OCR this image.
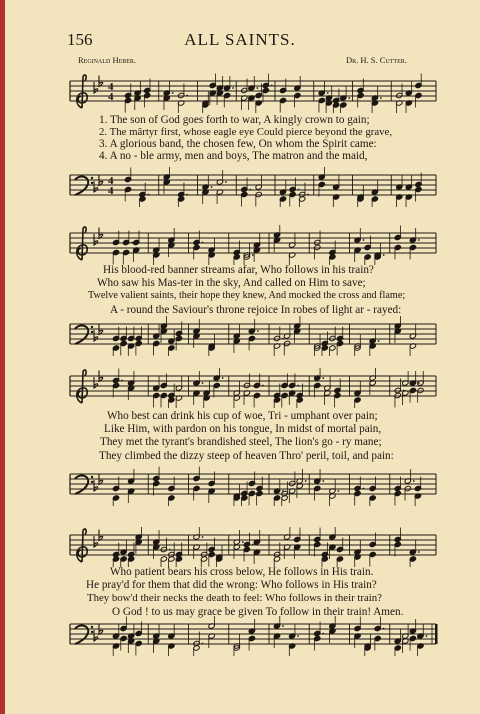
156	ALL SAINTS.
Reginald Heber.	Dr. H. S. Cutter.
4
4
1. The son of God goes forth to war, A kingly crown to gain;
2. The mârtyr first, whose eagle eye Could pierce beyond the grave,
3. A glorious band, the chosen few, On whom the Spirit came:
4. A no - ble army, men and boys, The matron and the maid,
4
4
His blood-red banner streams afar, Who follows in his train?
Who saw his Mas-ter in the sky, And called on Him to save;
Twelve valient saints, their hope they knew, And mocked the cross and flame;
A - round the Saviour's throne rejoice In robes of light ar - rayed:
Who best can drink his cup of woe, Tri - umphant over pain;
Like Him, with pardon on his tongue, In midst of mortal pain,
They met the tyrant's brandished steel, The lion's go - ry mane;
They climbed the dizzy steep of heaven Thro' peril, toil, and pain:
Who patient bears his cross below, He follows in His train.
He pray'd for them that did the wrong: Who follows in His train?
They bow'd their necks the death to feel: Who follows in their train?
O God ! to us may grace be given To follow in their train! Amen.
